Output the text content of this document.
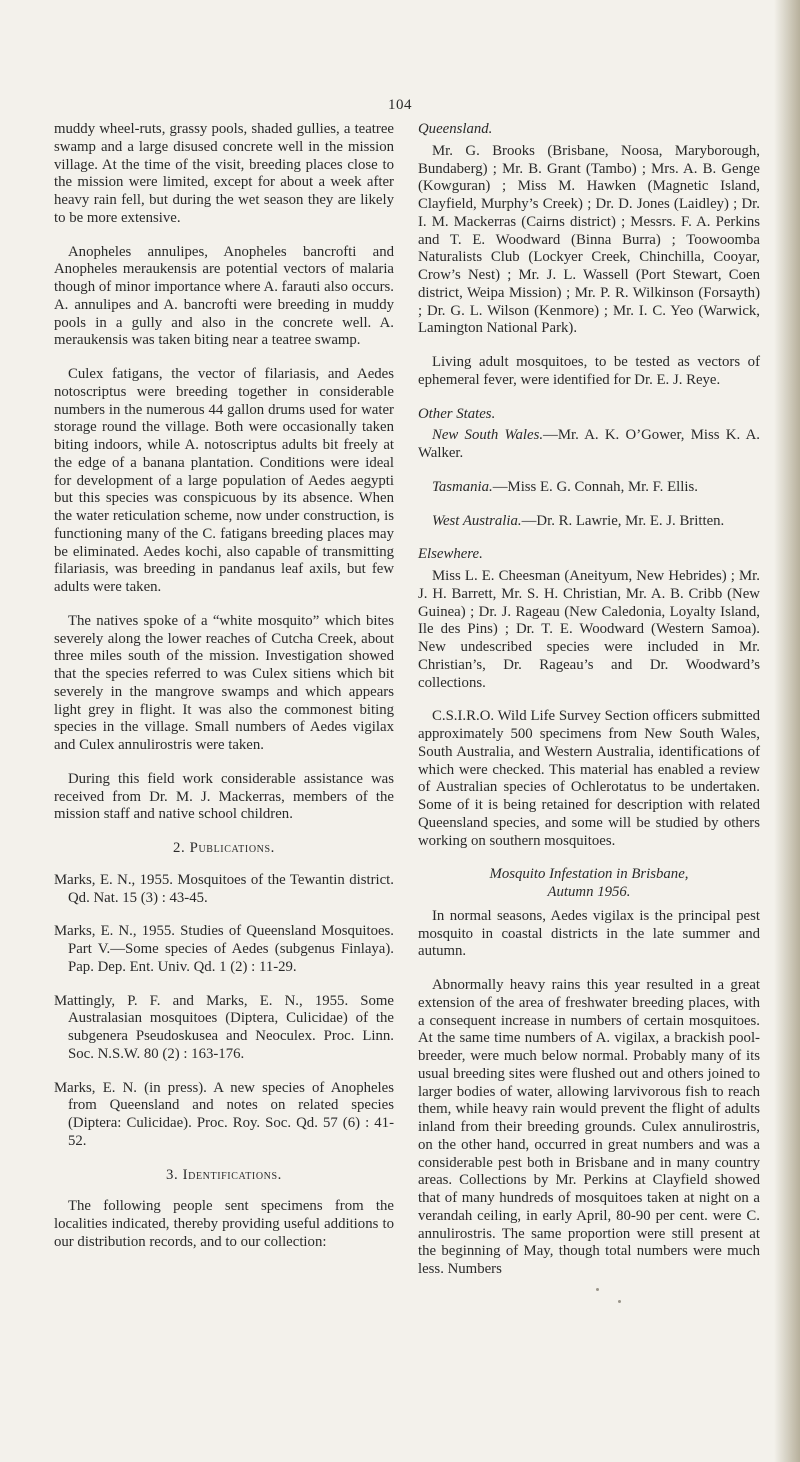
104

muddy wheel-ruts, grassy pools, shaded gullies, a teatree swamp and a large disused concrete well in the mission village. At the time of the visit, breeding places close to the mission were limited, except for about a week after heavy rain fell, but during the wet season they are likely to be more extensive.

Anopheles annulipes, Anopheles bancrofti and Anopheles meraukensis are potential vectors of malaria though of minor importance where A. farauti also occurs. A. annulipes and A. bancrofti were breeding in muddy pools in a gully and also in the concrete well. A. meraukensis was taken biting near a teatree swamp.

Culex fatigans, the vector of filariasis, and Aedes notoscriptus were breeding together in considerable numbers in the numerous 44 gallon drums used for water storage round the village. Both were occasionally taken biting indoors, while A. notoscriptus adults bit freely at the edge of a banana plantation. Conditions were ideal for development of a large population of Aedes aegypti but this species was conspicuous by its absence. When the water reticulation scheme, now under construction, is functioning many of the C. fatigans breeding places may be eliminated. Aedes kochi, also capable of transmitting filariasis, was breeding in pandanus leaf axils, but few adults were taken.

The natives spoke of a “white mosquito” which bites severely along the lower reaches of Cutcha Creek, about three miles south of the mission. Investigation showed that the species referred to was Culex sitiens which bit severely in the mangrove swamps and which appears light grey in flight. It was also the commonest biting species in the village. Small numbers of Aedes vigilax and Culex annulirostris were taken.

During this field work considerable assistance was received from Dr. M. J. Mackerras, members of the mission staff and native school children.

2. Publications.

Marks, E. N., 1955. Mosquitoes of the Tewantin district. Qd. Nat. 15 (3) : 43-45.

Marks, E. N., 1955. Studies of Queensland Mosquitoes. Part V.—Some species of Aedes (subgenus Finlaya). Pap. Dep. Ent. Univ. Qd. 1 (2) : 11-29.

Mattingly, P. F. and Marks, E. N., 1955. Some Australasian mosquitoes (Diptera, Culicidae) of the subgenera Pseudoskusea and Neoculex. Proc. Linn. Soc. N.S.W. 80 (2) : 163-176.

Marks, E. N. (in press). A new species of Anopheles from Queensland and notes on related species (Diptera: Culicidae). Proc. Roy. Soc. Qd. 57 (6) : 41-52.

3. Identifications.

The following people sent specimens from the localities indicated, thereby providing useful additions to our distribution records, and to our collection:

Queensland.

Mr. G. Brooks (Brisbane, Noosa, Maryborough, Bundaberg) ; Mr. B. Grant (Tambo) ; Mrs. A. B. Genge (Kowguran) ; Miss M. Hawken (Magnetic Island, Clayfield, Murphy’s Creek) ; Dr. D. Jones (Laidley) ; Dr. I. M. Mackerras (Cairns district) ; Messrs. F. A. Perkins and T. E. Woodward (Binna Burra) ; Toowoomba Naturalists Club (Lockyer Creek, Chinchilla, Cooyar, Crow’s Nest) ; Mr. J. L. Wassell (Port Stewart, Coen district, Weipa Mission) ; Mr. P. R. Wilkinson (Forsayth) ; Dr. G. L. Wilson (Kenmore) ; Mr. I. C. Yeo (Warwick, Lamington National Park).

Living adult mosquitoes, to be tested as vectors of ephemeral fever, were identified for Dr. E. J. Reye.

Other States.

New South Wales.—Mr. A. K. O’Gower, Miss K. A. Walker.

Tasmania.—Miss E. G. Connah, Mr. F. Ellis.

West Australia.—Dr. R. Lawrie, Mr. E. J. Britten.

Elsewhere.

Miss L. E. Cheesman (Aneityum, New Hebrides) ; Mr. J. H. Barrett, Mr. S. H. Christian, Mr. A. B. Cribb (New Guinea) ; Dr. J. Rageau (New Caledonia, Loyalty Island, Ile des Pins) ; Dr. T. E. Woodward (Western Samoa). New undescribed species were included in Mr. Christian’s, Dr. Rageau’s and Dr. Woodward’s collections.

C.S.I.R.O. Wild Life Survey Section officers submitted approximately 500 specimens from New South Wales, South Australia, and Western Australia, identifications of which were checked. This material has enabled a review of Australian species of Ochlerotatus to be undertaken. Some of it is being retained for description with related Queensland species, and some will be studied by others working on southern mosquitoes.

Mosquito Infestation in Brisbane,
Autumn 1956.

In normal seasons, Aedes vigilax is the principal pest mosquito in coastal districts in the late summer and autumn.

Abnormally heavy rains this year resulted in a great extension of the area of freshwater breeding places, with a consequent increase in numbers of certain mosquitoes. At the same time numbers of A. vigilax, a brackish pool-breeder, were much below normal. Probably many of its usual breeding sites were flushed out and others joined to larger bodies of water, allowing larvivorous fish to reach them, while heavy rain would prevent the flight of adults inland from their breeding grounds. Culex annulirostris, on the other hand, occurred in great numbers and was a considerable pest both in Brisbane and in many country areas. Collections by Mr. Perkins at Clayfield showed that of many hundreds of mosquitoes taken at night on a verandah ceiling, in early April, 80-90 per cent. were C. annulirostris. The same proportion were still present at the beginning of May, though total numbers were much less. Numbers
